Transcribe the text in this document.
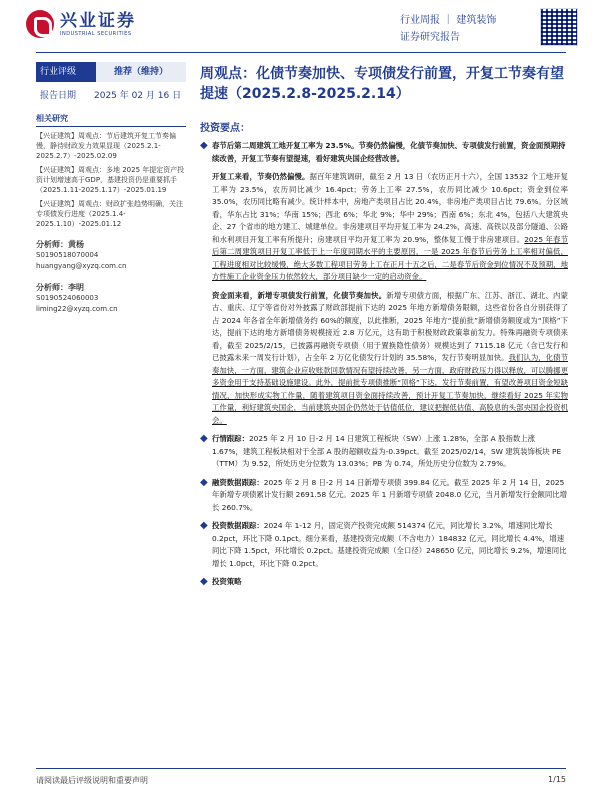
兴业证券
INDUSTRIAL SECURITIES
行业周报 ｜ 建筑装饰
证券研究报告
行业评级	推荐（维持）
报告日期	2025 年 02 月 16 日
相关研究
【兴证建筑】周观点：节后建筑开复工节奏偏慢，静待财政发力效果显现（2025.2.1-2025.2.7）-2025.02.09
【兴证建筑】周观点：多地 2025 年提定资产投资计划增速高于GDP，基建投资仍是重要抓手（2025.1.11-2025.1.17）-2025.01.19
【兴证建筑】周观点：财政扩张趋势明确，关注专项债发行进度（2025.1.4-2025.1.10）-2025.01.12
分析师：黄杨
S0190518070004
huangyang@xyzq.com.cn
分析师：李明
S0190524060003
liming22@xyzq.com.cn
周观点：化债节奏加快、专项债发行前置，开复工节奏有望提速（2025.2.8-2025.2.14）
投资要点：
◆ 春节后第二周建筑工地开复工率为 23.5%。节奏仍然偏慢，化债节奏加快、专项债发行前置，资金面预期持续改善，开复工节奏有望提速，看好建筑央国企经营改善。

开复工来看，节奏仍然偏慢。据百年建筑调研，截至 2 月 13 日（农历正月十六），全国 13532 个工地开复工率为 23.5%，农历同比减少 16.4pct；劳务上工率 27.5%，农历同比减少 10.6pct；资金到位率 35.0%，农历同比略有减少。统计样本中，房地产类项目占比 20.4%，非房地产类项目占比 79.6%。分区域看，华东占比 31%；华南 15%；西北 6%；华北 9%；华中 29%；西南 6%；东北 4%，包括八大建筑央企、27 个省市的地方建工、城建单位。非房建项目平均开复工率为 24.2%，高速、高铁以及部分隧道、公路和水利项目开复工率有所提升；房建项目平均开复工率为 20.9%，整体复工慢于非房建项目。2025 年春节后第二周建筑项目开复工率低于上一年度同期水平的主要原因，一是 2025 年春节后劳务上工率相对偏低，工程进度相对比较缓慢，绝大多数工程项目劳务上工在正月十五之后，二是春节后资金到位情况不及预期，地方性施工企业资金压力依然较大，部分项目缺少一定的启动资金。

资金面来看，新增专项债发行前置，化债节奏加快。新增专项债方面，根据广东、江苏、浙江、湖北、内蒙古、重庆、辽宁等省份对外披露了财政部提前下达的 2025 年地方新增债务限额，这些省份各自分别获得了占 2024 年各省全年新增债务约 60%的额度，以此推断，2025 年地方“提前批”新增债务额度或为“顶格”下达，提前下达的地方新增债务规模接近 2.8 万亿元，这有助于积极财政政策靠前发力。特殊再融资专项债来看，截至 2025/2/15，已披露再融资专项债（用于置换隐性债务）规模达到了 7115.18 亿元（含已发行和已披露未来一周发行计划），占全年 2 万亿化债发行计划的 35.58%，发行节奏明显加快。我们认为，化债节奏加快，一方面，建筑企业应收账款回款情况有望持续改善，另一方面，政府财政压力得以释放，可以腾挪更多资金用于支持基础设施建设。此外，提前批专项债推断“顶格”下达，发行节奏前置，有望改善项目资金短缺情况，加快形成实物工作量，随着建筑项目资金面持续改善，预计开复工节奏加快，继续看好 2025 年实物工作量，利好建筑央国企，当前建筑央国企仍然处于估值低位，建议把握低估值、高股息的头部央国企投资机会。

◆ 行情跟踪：2025 年 2 月 10 日-2 月 14 日建筑工程板块（SW）上涨 1.28%，全部 A 股指数上涨 1.67%，建筑工程板块相对于全部 A 股的超额收益为-0.39pct。截至 2025/02/14，SW 建筑装饰板块 PE（TTM）为 9.52，所处历史分位数为 13.03%；PB 为 0.74，所处历史分位数为 2.79%。
◆ 融资数据跟踪：2025 年 2 月 8 日-2 月 14 日新增专项债 399.84 亿元。截至 2025 年 2 月 14 日，2025 年新增专项债累计发行额 2691.58 亿元。2025 年 1 月新增专项债 2048.0 亿元，当月新增发行金额同比增长 260.7%。
◆ 投资数据跟踪：2024 年 1-12 月，固定资产投资完成额 514374 亿元，同比增长 3.2%，增速同比增长 0.2pct，环比下降 0.1pct。细分来看，基建投资完成额（不含电力）184832 亿元，同比增长 4.4%，增速同比下降 1.5pct，环比增长 0.2pct。基建投资完成额（全口径）248650 亿元，同比增长 9.2%，增速同比增长 1.0pct，环比下降 0.2pct。
◆ 投资策略
请阅读最后评级说明和重要声明	1/15
